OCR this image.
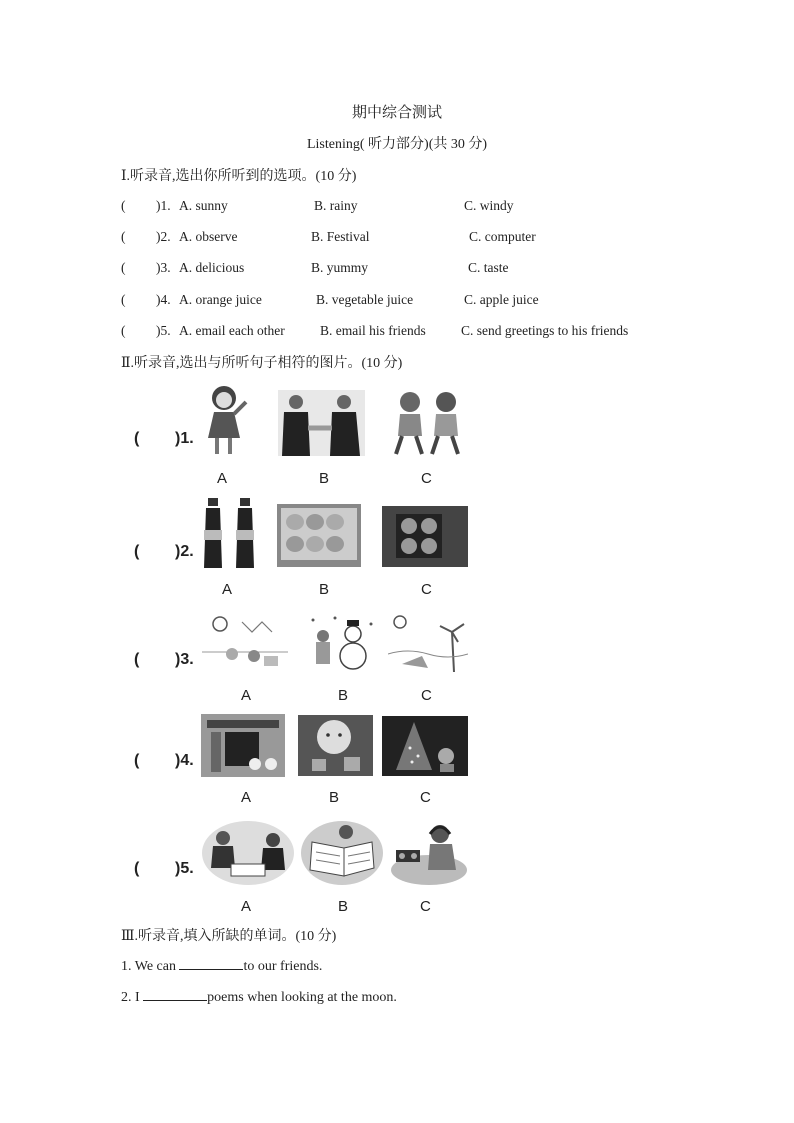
期中综合测试
Listening( 听力部分)(共 30 分)
Ⅰ.听录音,选出你所听到的选项。(10 分)
( )1. A. sunny	B. rainy	C. windy
( )2. A. observe	B. Festival	C. computer
( )3. A. delicious	B. yummy	C. taste
( )4. A. orange juice	B. vegetable juice	C. apple juice
( )5. A. email each other	B. email his friends	C. send greetings to his friends
Ⅱ.听录音,选出与所听句子相符的图片。(10 分)
( )1.
A	B	C
( )2.
A	B	C
( )3.
A	B	C
( )4.
A	B	C
( )5.
A	B	C
Ⅲ.听录音,填入所缺的单词。(10 分)
1. We can	to our friends.
2. I	poems when looking at the moon.
